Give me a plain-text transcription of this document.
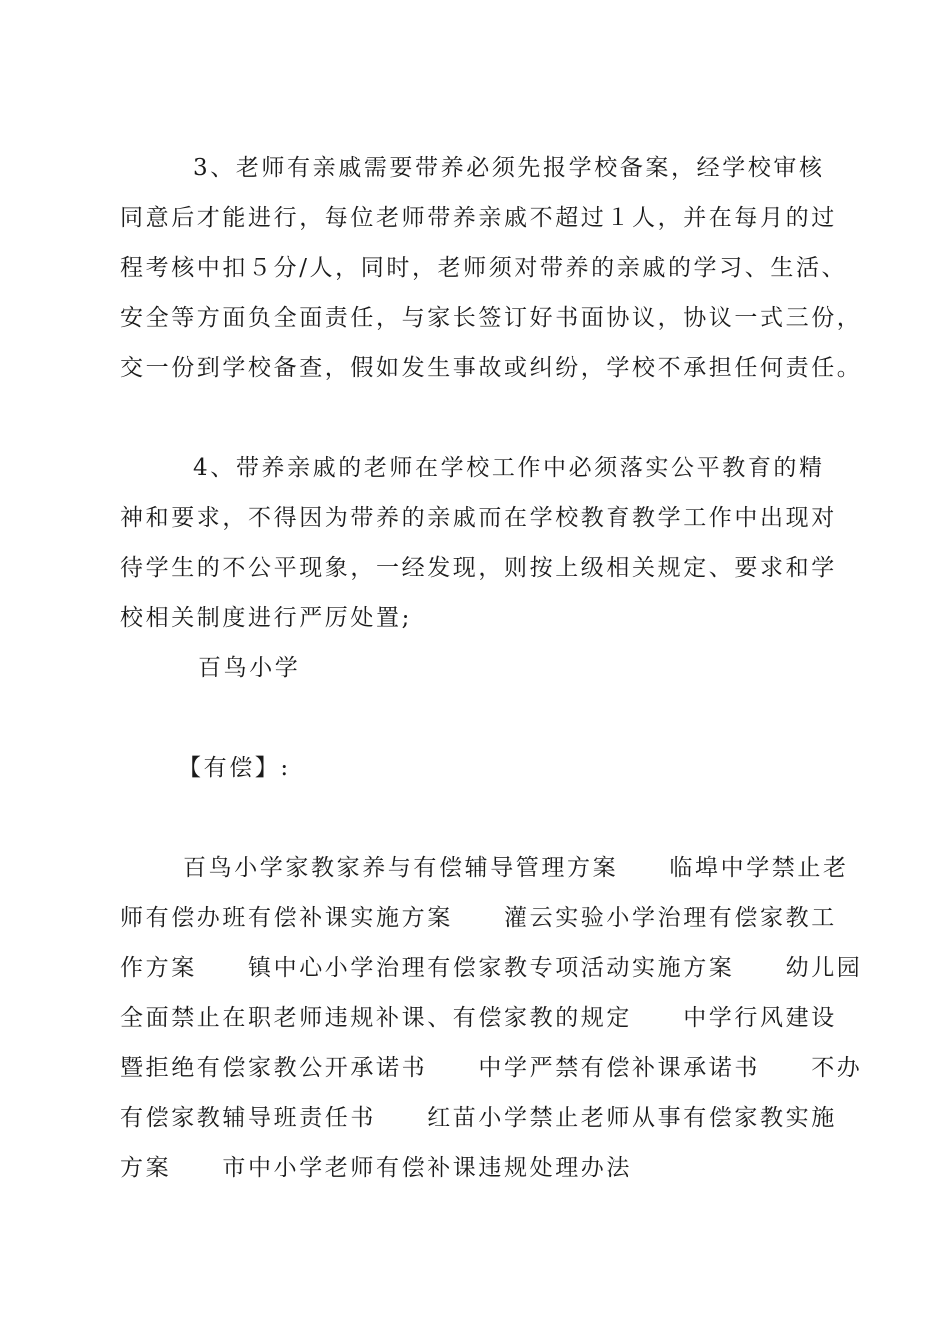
3、老师有亲戚需要带养必须先报学校备案，经学校审核
同意后才能进行，每位老师带养亲戚不超过１人，并在每月的过
程考核中扣５分/人，同时，老师须对带养的亲戚的学习、生活、
安全等方面负全面责任，与家长签订好书面协议，协议一式三份，
交一份到学校备查，假如发生事故或纠纷，学校不承担任何责任。
4、带养亲戚的老师在学校工作中必须落实公平教育的精
神和要求，不得因为带养的亲戚而在学校教育教学工作中出现对
待学生的不公平现象，一经发现，则按上级相关规定、要求和学
校相关制度进行严厉处置;
百鸟小学
【有偿】:
百鸟小学家教家养与有偿辅导管理方案　　临埠中学禁止老
师有偿办班有偿补课实施方案　　灌云实验小学治理有偿家教工
作方案　　镇中心小学治理有偿家教专项活动实施方案　　幼儿园
全面禁止在职老师违规补课、有偿家教的规定　　中学行风建设
暨拒绝有偿家教公开承诺书　　中学严禁有偿补课承诺书　　不办
有偿家教辅导班责任书　　红苗小学禁止老师从事有偿家教实施
方案　　市中小学老师有偿补课违规处理办法
